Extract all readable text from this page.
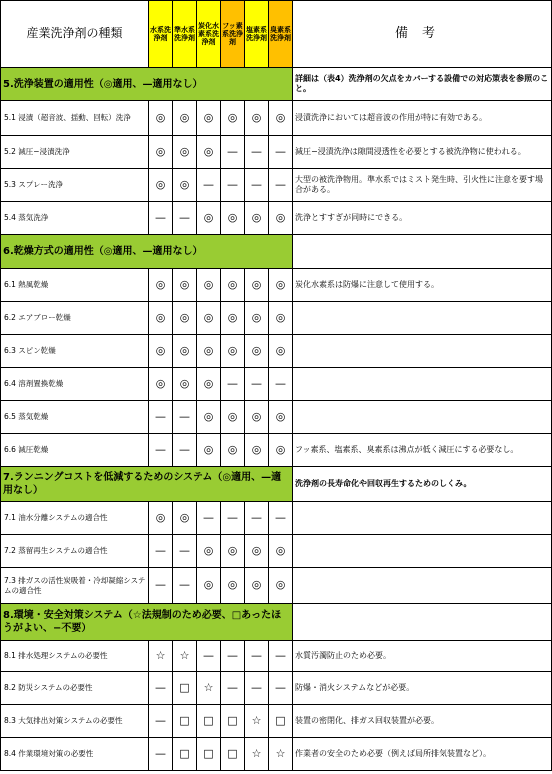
産業洗浄剤の種類	水系洗浄剤	準水系洗浄剤	炭化水素系洗浄剤	フッ素系洗浄剤	塩素系洗浄剤	臭素系洗浄剤	備考
5.洗浄装置の適用性（◎適用、—適用なし）							詳細は（表4）洗浄剤の欠点をカバーする設備での対応策表を参照のこと。
5.1 浸漬（超音波、揺動、回転）洗浄	◎	◎	◎	◎	◎	◎	浸漬洗浄においては超音波の作用が特に有効である。
5.2 減圧−浸漬洗浄	◎	◎	◎	—	—	—	減圧−浸漬洗浄は隙間浸透性を必要とする被洗浄物に使われる。
5.3 スプレー洗浄	◎	◎	—	—	—	—	大型の被洗浄物用。準水系ではミスト発生時、引火性に注意を要す場合がある。
5.4 蒸気洗浄	—	—	◎	◎	◎	◎	洗浄とすすぎが同時にできる。
6.乾燥方式の適用性（◎適用、—適用なし）							
6.1 熱風乾燥	◎	◎	◎	◎	◎	◎	炭化水素系は防爆に注意して使用する。
6.2 エアブロー乾燥	◎	◎	◎	◎	◎	◎	
6.3 スピン乾燥	◎	◎	◎	◎	◎	◎	
6.4 溶剤置換乾燥	◎	◎	◎	—	—	—	
6.5 蒸気乾燥	—	—	◎	◎	◎	◎	
6.6 減圧乾燥	—	—	◎	◎	◎	◎	フッ素系、塩素系、臭素系は沸点が低く減圧にする必要なし。
7.ランニングコストを低減するためのシステム（◎適用、—適用なし）							洗浄剤の長寿命化や回収再生するためのしくみ。
7.1 油水分離システムの適合性	◎	◎	—	—	—	—	
7.2 蒸留再生システムの適合性	—	—	◎	◎	◎	◎	
7.3 排ガスの活性炭吸着・冷却凝縮システムの適合性	—	—	◎	◎	◎	◎	
8.環境・安全対策システム（☆法規制のため必要、□あったほうがよい、−不要）							
8.1 排水処理システムの必要性	☆	☆	—	—	—	—	水質汚濁防止のため必要。
8.2 防災システムの必要性	—	□	☆	—	—	—	防爆・消火システムなどが必要。
8.3 大気排出対策システムの必要性	—	□	□	□	☆	□	装置の密閉化、排ガス回収装置が必要。
8.4 作業環境対策の必要性	—	□	□	□	☆	☆	作業者の安全のため必要（例えば局所排気装置など）。
